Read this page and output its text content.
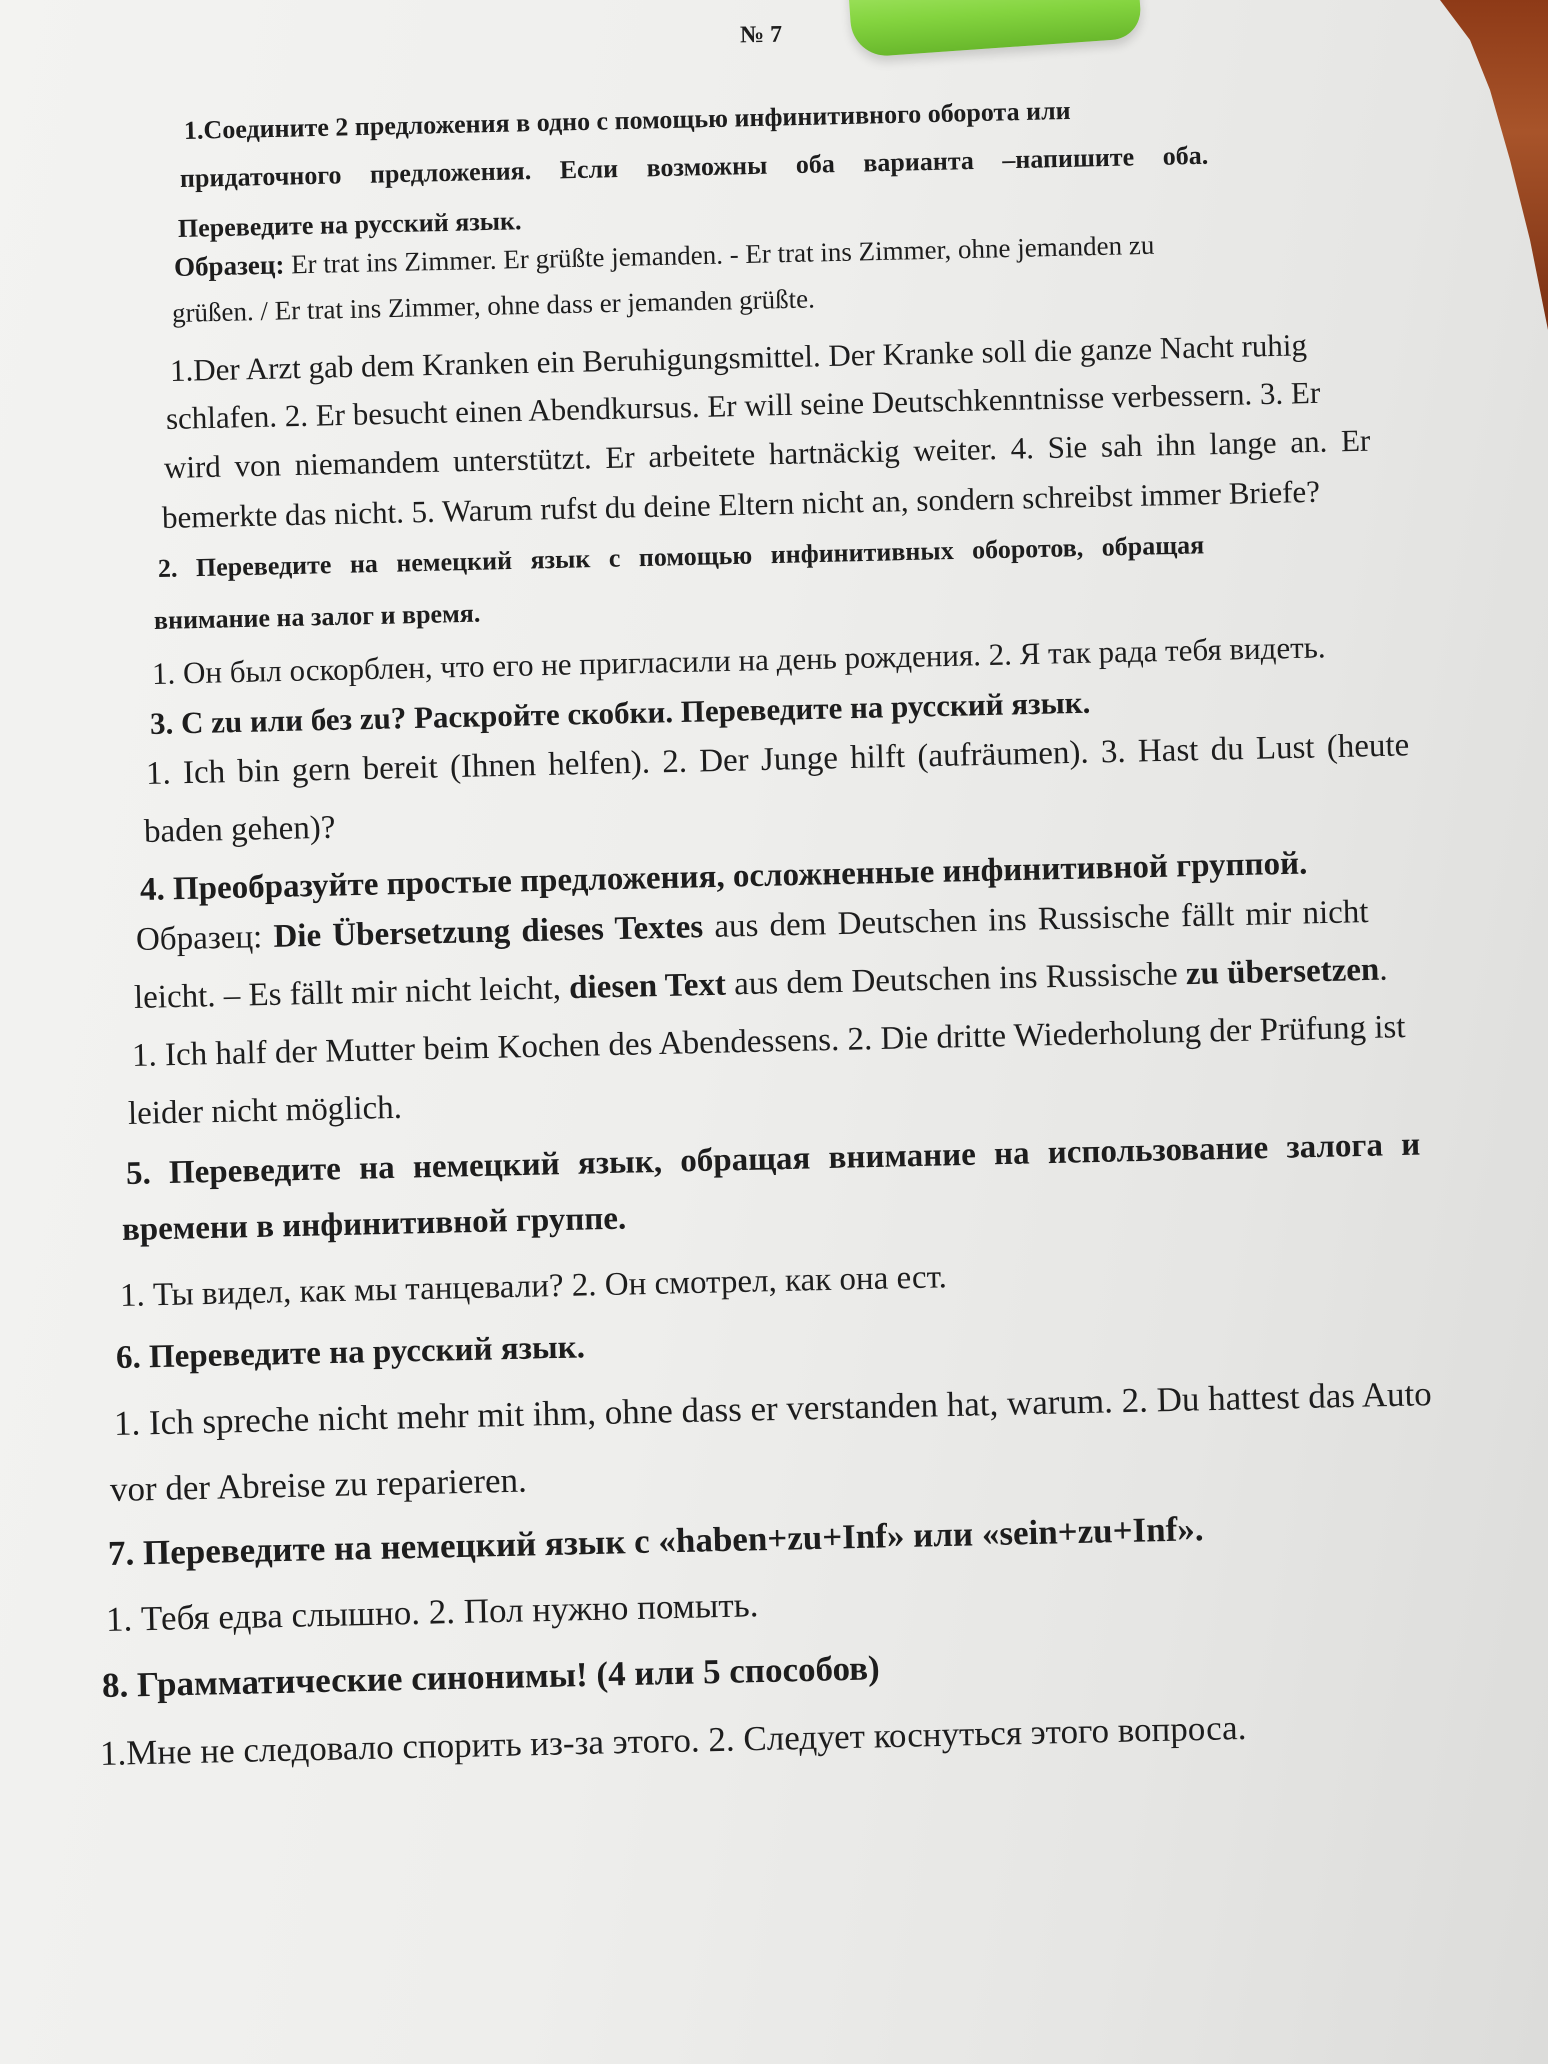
№ 7
1.Соедините 2 предложения в одно с помощью инфинитивного оборота или
придаточного предложения. Если возможны оба варианта –напишите оба.
Переведите на русский язык.
Образец: Er trat ins Zimmer. Er grüßte jemanden. - Er trat ins Zimmer, ohne jemanden zu
grüßen. / Er trat ins Zimmer, ohne dass er jemanden grüßte.
1.Der Arzt gab dem Kranken ein Beruhigungsmittel. Der Kranke soll die ganze Nacht ruhig
schlafen. 2. Er besucht einen Abendkursus. Er will seine Deutschkenntnisse verbessern. 3. Er
wird von niemandem unterstützt. Er arbeitete hartnäckig weiter. 4. Sie sah ihn lange an. Er
bemerkte das nicht. 5. Warum rufst du deine Eltern nicht an, sondern schreibst immer Briefe?
2. Переведите на немецкий язык с помощью инфинитивных оборотов, обращая
внимание на залог и время.
1. Он был оскорблен, что его не пригласили на день рождения. 2. Я так рада тебя видеть.
3. С zu или без zu? Раскройте скобки. Переведите на русский язык.
1. Ich bin gern bereit (Ihnen helfen). 2. Der Junge hilft (aufräumen). 3. Hast du Lust (heute
baden gehen)?
4. Преобразуйте простые предложения, осложненные инфинитивной группой.
Образец: Die Übersetzung dieses Textes aus dem Deutschen ins Russische fällt mir nicht
leicht. – Es fällt mir nicht leicht, diesen Text aus dem Deutschen ins Russische zu übersetzen.
1. Ich half der Mutter beim Kochen des Abendessens. 2. Die dritte Wiederholung der Prüfung ist
leider nicht möglich.
5. Переведите на немецкий язык, обращая внимание на использование залога и
времени в инфинитивной группе.
1. Ты видел, как мы танцевали? 2. Он смотрел, как она ест.
6. Переведите на русский язык.
1. Ich spreche nicht mehr mit ihm, ohne dass er verstanden hat, warum. 2. Du hattest das Auto
vor der Abreise zu reparieren.
7. Переведите на немецкий язык с «haben+zu+Inf» или «sein+zu+Inf».
1. Тебя едва слышно. 2. Пол нужно помыть.
8. Грамматические синонимы! (4 или 5 способов)
1.Мне не следовало спорить из-за этого. 2. Следует коснуться этого вопроса.
